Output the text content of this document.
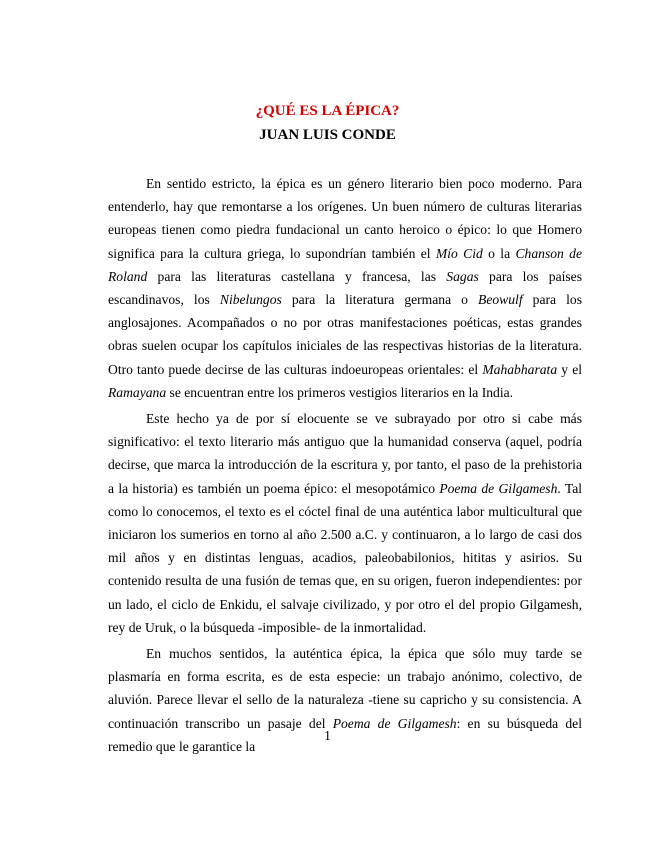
¿QUÉ ES LA ÉPICA?
JUAN LUIS CONDE

En sentido estricto, la épica es un género literario bien poco moderno. Para entenderlo, hay que remontarse a los orígenes. Un buen número de culturas literarias europeas tienen como piedra fundacional un canto heroico o épico: lo que Homero significa para la cultura griega, lo supondrían también el Mío Cid o la Chanson de Roland para las literaturas castellana y francesa, las Sagas para los países escandinavos, los Nibelungos para la literatura germana o Beowulf para los anglosajones. Acompañados o no por otras manifestaciones poéticas, estas grandes obras suelen ocupar los capítulos iniciales de las respectivas historias de la literatura. Otro tanto puede decirse de las culturas indoeuropeas orientales: el Mahabharata y el Ramayana se encuentran entre los primeros vestigios literarios en la India.

Este hecho ya de por sí elocuente se ve subrayado por otro si cabe más significativo: el texto literario más antiguo que la humanidad conserva (aquel, podría decirse, que marca la introducción de la escritura y, por tanto, el paso de la prehistoria a la historia) es también un poema épico: el mesopotámico Poema de Gilgamesh. Tal como lo conocemos, el texto es el cóctel final de una auténtica labor multicultural que iniciaron los sumerios en torno al año 2.500 a.C. y continuaron, a lo largo de casi dos mil años y en distintas lenguas, acadios, paleobabilonios, hititas y asirios. Su contenido resulta de una fusión de temas que, en su origen, fueron independientes: por un lado, el ciclo de Enkidu, el salvaje civilizado, y por otro el del propio Gilgamesh, rey de Uruk, o la búsqueda -imposible- de la inmortalidad.

En muchos sentidos, la auténtica épica, la épica que sólo muy tarde se plasmaría en forma escrita, es de esta especie: un trabajo anónimo, colectivo, de aluvión. Parece llevar el sello de la naturaleza -tiene su capricho y su consistencia. A continuación transcribo un pasaje del Poema de Gilgamesh: en su búsqueda del remedio que le garantice la

1
